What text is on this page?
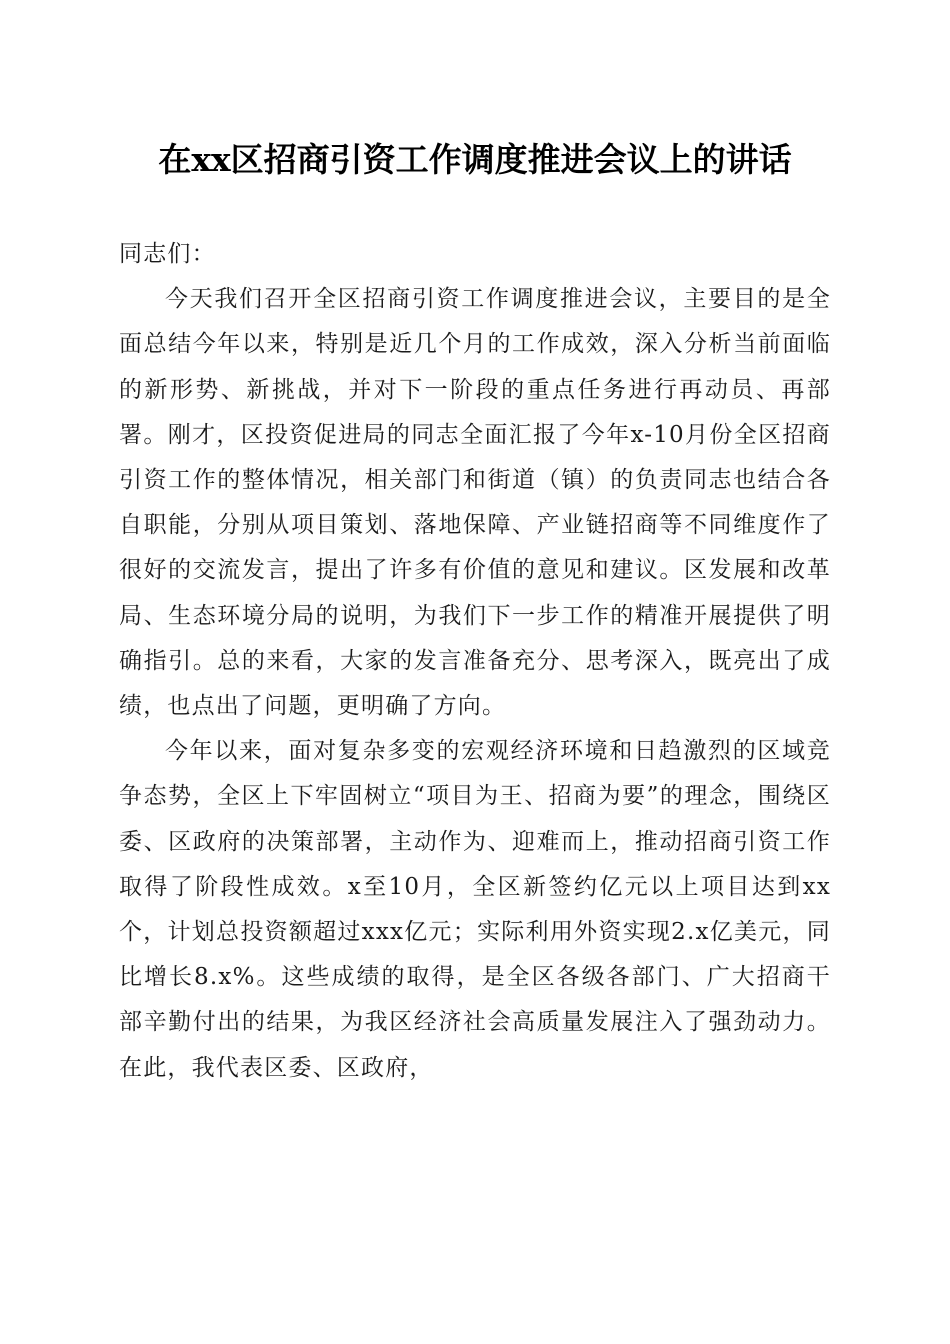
在xx区招商引资工作调度推进会议上的讲话

同志们：

今天我们召开全区招商引资工作调度推进会议，主要目的是全面总结今年以来，特别是近几个月的工作成效，深入分析当前面临的新形势、新挑战，并对下一阶段的重点任务进行再动员、再部署。刚才，区投资促进局的同志全面汇报了今年x-10月份全区招商引资工作的整体情况，相关部门和街道（镇）的负责同志也结合各自职能，分别从项目策划、落地保障、产业链招商等不同维度作了很好的交流发言，提出了许多有价值的意见和建议。区发展和改革局、生态环境分局的说明，为我们下一步工作的精准开展提供了明确指引。总的来看，大家的发言准备充分、思考深入，既亮出了成绩，也点出了问题，更明确了方向。

今年以来，面对复杂多变的宏观经济环境和日趋激烈的区域竞争态势，全区上下牢固树立“项目为王、招商为要”的理念，围绕区委、区政府的决策部署，主动作为、迎难而上，推动招商引资工作取得了阶段性成效。x至10月，全区新签约亿元以上项目达到xx个，计划总投资额超过xxx亿元；实际利用外资实现2.x亿美元，同比增长8.x%。这些成绩的取得，是全区各级各部门、广大招商干部辛勤付出的结果，为我区经济社会高质量发展注入了强劲动力。在此，我代表区委、区政府，
